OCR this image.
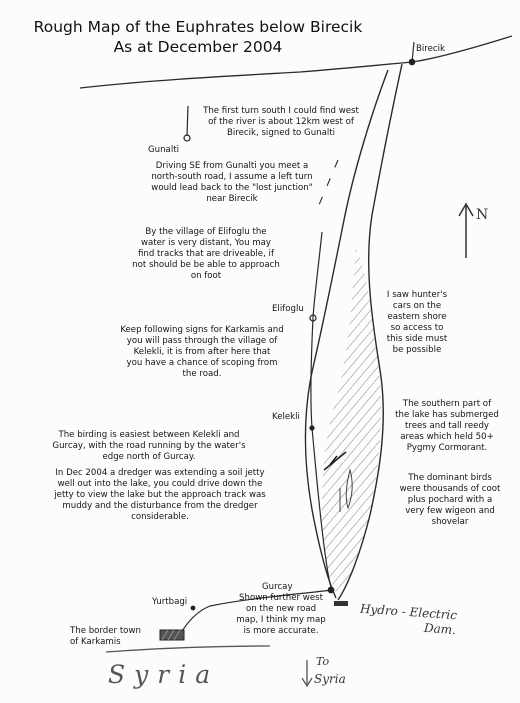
Rough Map of the Euphrates below Birecik
As at December 2004	Birecik
Gunalti
Elifoglu
Kelekli
Gurcay
Yurtbagi
The border town
of Karkamis
Hydro - Electric
Dam.
To
Syria
Syria
N
The first turn south I could find west
of the river is about 12km west of
Birecik, signed to Gunalti
Driving SE from Gunalti you meet a
north-south road, I assume a left turn
would lead back to the "lost junction"
near Birecik
By the village of Elifoglu the
water is very distant, You may
find tracks that are driveable, if
not should be be able to approach
on foot
I saw hunter's
cars on the
eastern shore
so access to
this side must
be possible
Keep following signs for Karkamis and
you will pass through the village of
Kelekli, it is from after here that
you have a chance of scoping from
the road.
The southern part of
the lake has submerged
trees and tall reedy
areas which held 50+
Pygmy Cormorant.
The birding is easiest between Kelekli and
Gurcay, with the road running by the water's
edge north of Gurcay.
In Dec 2004 a dredger was extending a soil jetty
well out into the lake, you could drive down the
jetty to view the lake but the approach track was
muddy and the disturbance from the dredger
considerable.
The dominant birds
were thousands of coot
plus pochard with a
very few wigeon and
shovelar
Shown further west
on the new road
map, I think my map
is more accurate.
